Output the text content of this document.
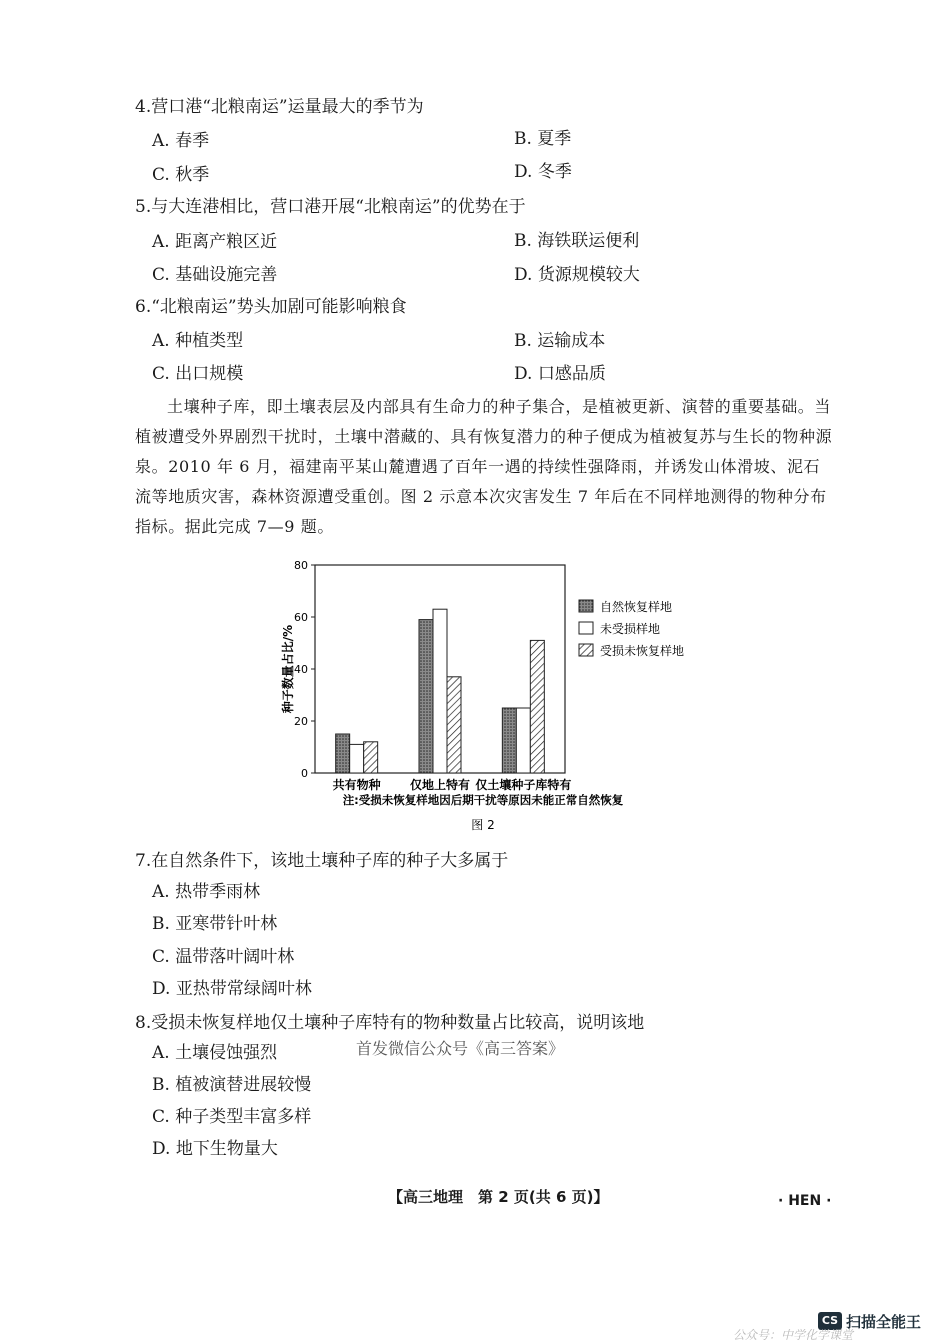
4.营口港“北粮南运”运量最大的季节为
A. 春季	B. 夏季
C. 秋季	D. 冬季
5.与大连港相比，营口港开展“北粮南运”的优势在于
A. 距离产粮区近	B. 海铁联运便利
C. 基础设施完善	D. 货源规模较大
6.“北粮南运”势头加剧可能影响粮食
A. 种植类型	B. 运输成本
C. 出口规模	D. 口感品质

土壤种子库，即土壤表层及内部具有生命力的种子集合，是植被更新、演替的重要基础。当植被遭受外界剧烈干扰时，土壤中潜藏的、具有恢复潜力的种子便成为植被复苏与生长的物种源泉。2010 年 6 月，福建南平某山麓遭遇了百年一遇的持续性强降雨，并诱发山体滑坡、泥石流等地质灾害，森林资源遭受重创。图 2 示意本次灾害发生 7 年后在不同样地测得的物种分布指标。据此完成 7—9 题。

0
20
40
60
80
共有物种 仅地上特有 仅土壤种子库特有
种子数量占比/%
自然恢复样地
未受损样地
受损未恢复样地
注:受损未恢复样地因后期干扰等原因未能正常自然恢复
图 2
7.在自然条件下，该地土壤种子库的种子大多属于
A. 热带季雨林
B. 亚寒带针叶林
C. 温带落叶阔叶林
D. 亚热带常绿阔叶林
8.受损未恢复样地仅土壤种子库特有的物种数量占比较高，说明该地
A. 土壤侵蚀强烈	首发微信公众号《高三答案》
B. 植被演替进展较慢
C. 种子类型丰富多样
D. 地下生物量大
【高三地理　第 2 页(共 6 页)】	· HEN ·
CS 扫描全能王
公众号：中学化学课堂
